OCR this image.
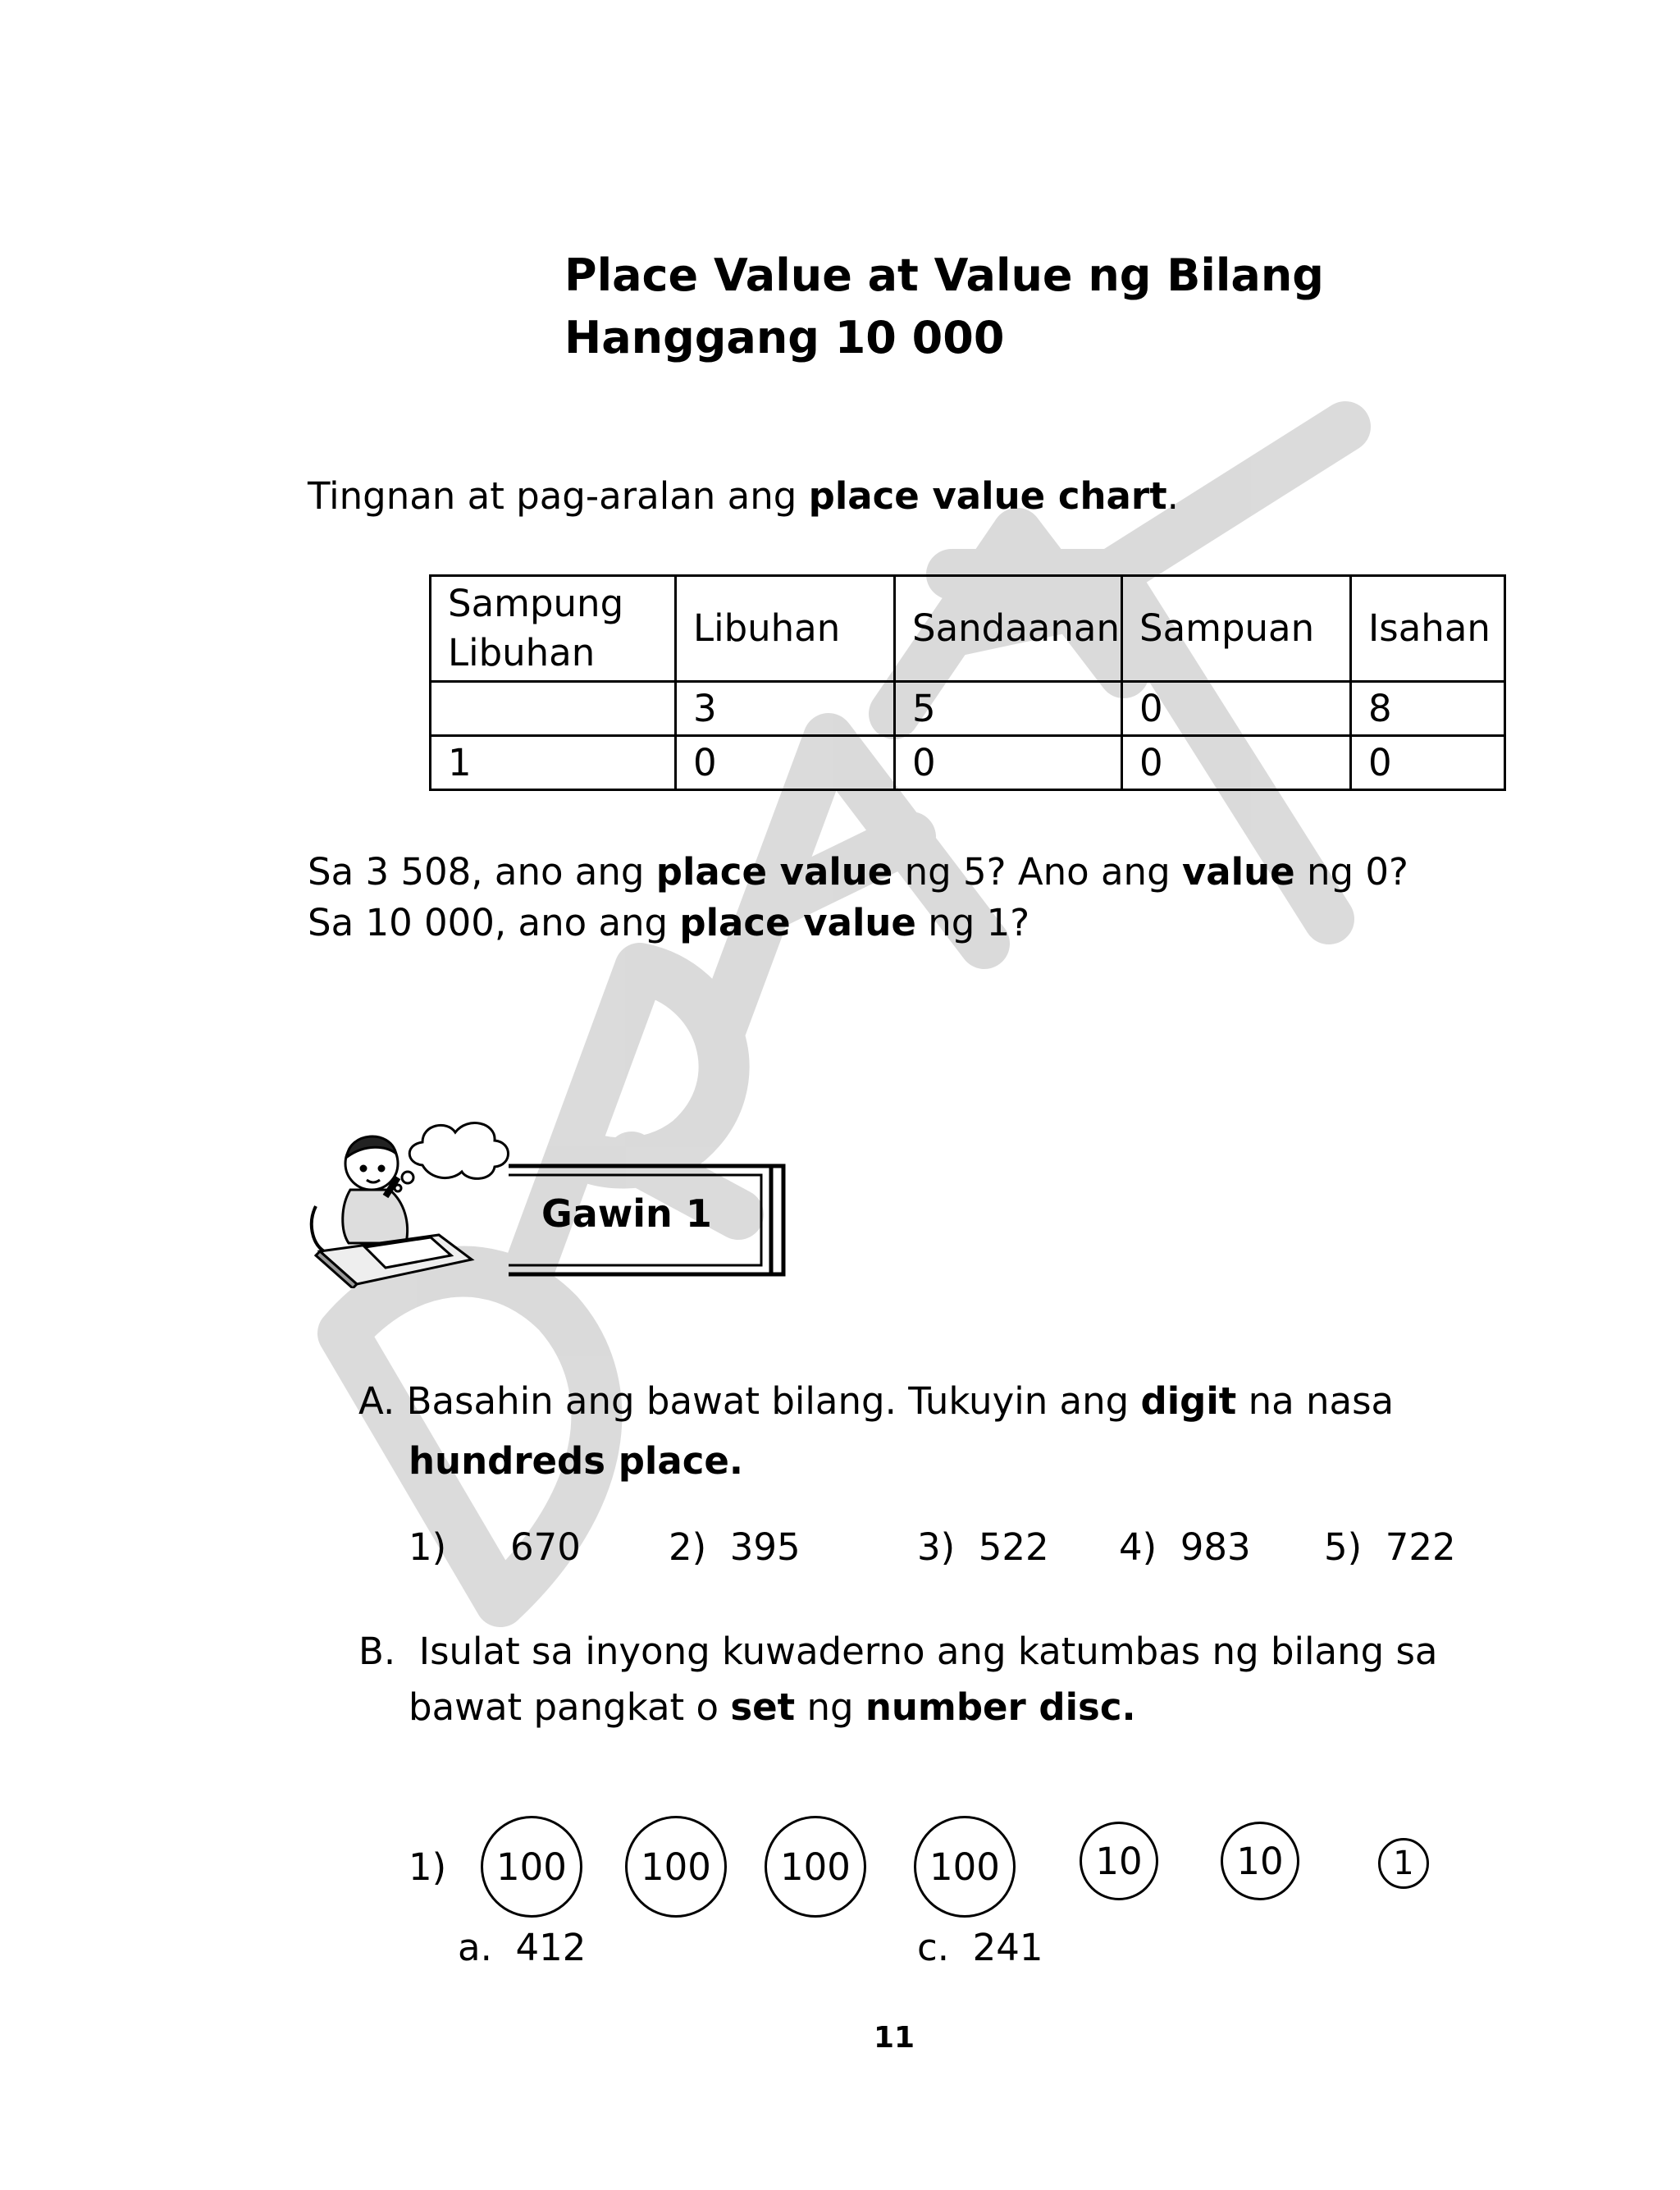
Place Value at Value ng Bilang Hanggang 10 000
Tingnan at pag-aralan ang place value chart.
Sampung Libuhan	Libuhan	Sandaanan	Sampuan	Isahan
	3	5	0	8
1	0	0	0	0
Sa 3 508, ano ang place value ng 5? Ano ang value ng 0?
Sa 10 000, ano ang place value ng 1?
Gawin 1
A. Basahin ang bawat bilang. Tukuyin ang digit na nasa
hundreds place.
1) 670 2) 395	3) 522 4) 983 5) 722
B. Isulat sa inyong kuwaderno ang katumbas ng bilang sa
bawat pangkat o set ng number disc.
1)	100	100	100	100	10	10	1
a. 412	c. 241
11
